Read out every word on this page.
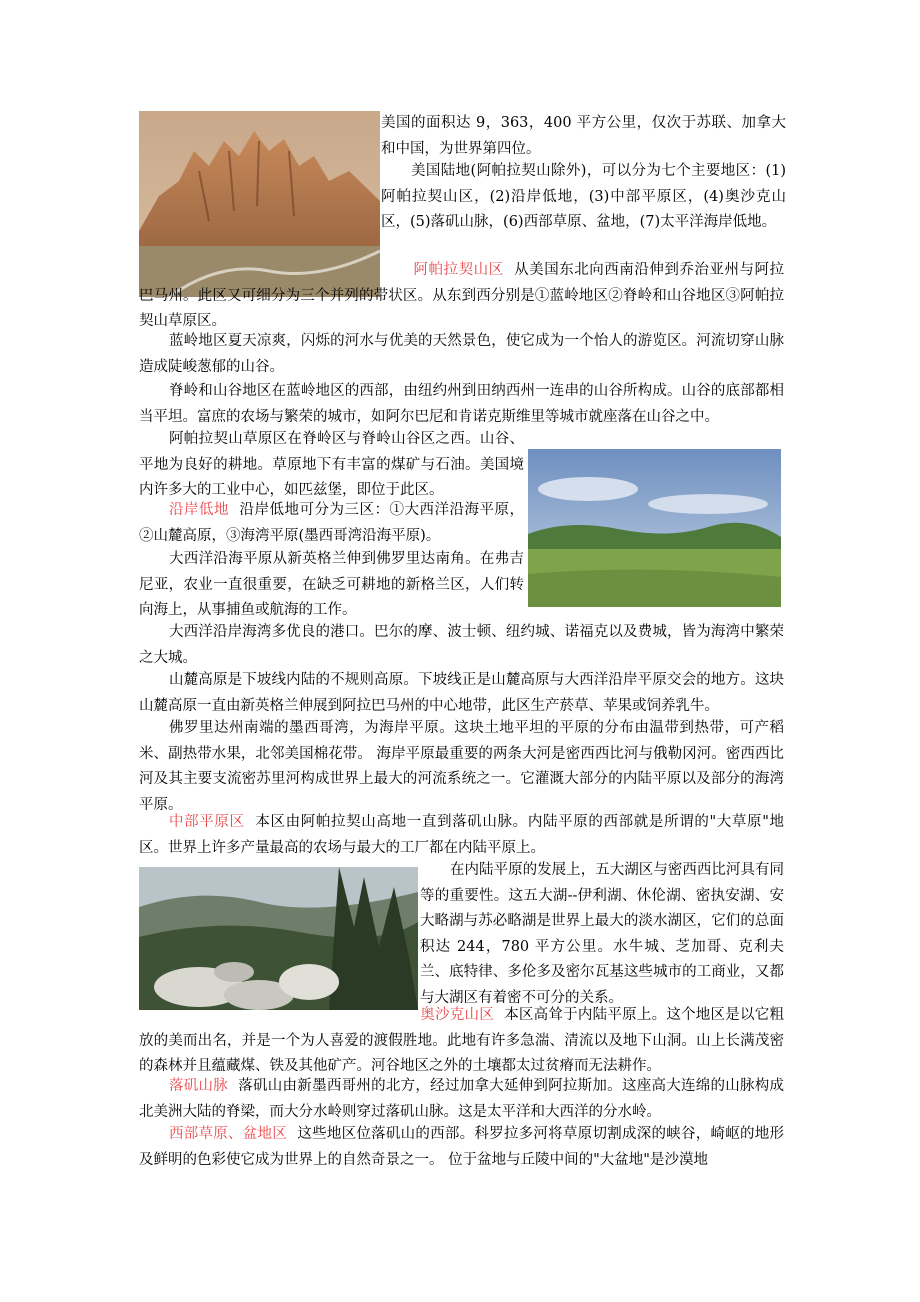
美国的面积达 9，363，400 平方公里，仅次于苏联、加拿大和中国，为世界第四位。

美国陆地(阿帕拉契山除外)，可以分为七个主要地区：(1)阿帕拉契山区，(2)沿岸低地，(3)中部平原区，(4)奥沙克山区，(5)落矶山脉，(6)西部草原、盆地，(7)太平洋海岸低地。

阿帕拉契山区 从美国东北向西南沿伸到乔治亚州与阿拉巴马州。此区又可细分为三个并列的带状区。从东到西分别是①蓝岭地区②脊岭和山谷地区③阿帕拉契山草原区。

蓝岭地区夏天凉爽，闪烁的河水与优美的天然景色，使它成为一个怡人的游览区。河流切穿山脉造成陡峻葱郁的山谷。

脊岭和山谷地区在蓝岭地区的西部，由纽约州到田纳西州一连串的山谷所构成。山谷的底部都相当平坦。富庶的农场与繁荣的城市，如阿尔巴尼和肯诺克斯维里等城市就座落在山谷之中。

阿帕拉契山草原区在脊岭区与脊岭山谷区之西。山谷、平地为良好的耕地。草原地下有丰富的煤矿与石油。美国境内许多大的工业中心，如匹兹堡，即位于此区。

沿岸低地 沿岸低地可分为三区：①大西洋沿海平原，②山麓高原，③海湾平原(墨西哥湾沿海平原)。

大西洋沿海平原从新英格兰伸到佛罗里达南角。在弗吉尼亚，农业一直很重要，在缺乏可耕地的新格兰区，人们转向海上，从事捕鱼或航海的工作。

大西洋沿岸海湾多优良的港口。巴尔的摩、波士顿、纽约城、诺福克以及费城，皆为海湾中繁荣之大城。

山麓高原是下坡线内陆的不规则高原。下坡线正是山麓高原与大西洋沿岸平原交会的地方。这块山麓高原一直由新英格兰伸展到阿拉巴马州的中心地带，此区生产菸草、苹果或饲养乳牛。

佛罗里达州南端的墨西哥湾，为海岸平原。这块土地平坦的平原的分布由温带到热带，可产稻米、副热带水果，北邻美国棉花带。 海岸平原最重要的两条大河是密西西比河与俄勒冈河。密西西比河及其主要支流密苏里河构成世界上最大的河流系统之一。它灌溉大部分的内陆平原以及部分的海湾平原。

中部平原区 本区由阿帕拉契山高地一直到落矶山脉。内陆平原的西部就是所谓的"大草原"地区。世界上许多产量最高的农场与最大的工厂都在内陆平原上。

在内陆平原的发展上，五大湖区与密西西比河具有同等的重要性。这五大湖--伊利湖、休伦湖、密执安湖、安大略湖与苏必略湖是世界上最大的淡水湖区，它们的总面积达 244，780 平方公里。水牛城、芝加哥、克利夫兰、底特律、多伦多及密尔瓦基这些城市的工商业，又都与大湖区有着密不可分的关系。

奥沙克山区 本区高耸于内陆平原上。这个地区是以它粗放的美而出名，并是一个为人喜爱的渡假胜地。此地有许多急湍、清流以及地下山洞。山上长满茂密的森林并且蕴藏煤、铁及其他矿产。河谷地区之外的土壤都太过贫瘠而无法耕作。

落矶山脉 落矶山由新墨西哥州的北方，经过加拿大延伸到阿拉斯加。这座高大连绵的山脉构成北美洲大陆的脊梁，而大分水岭则穿过落矶山脉。这是太平洋和大西洋的分水岭。

西部草原、盆地区 这些地区位落矶山的西部。科罗拉多河将草原切割成深的峡谷，崎岖的地形及鲜明的色彩使它成为世界上的自然奇景之一。 位于盆地与丘陵中间的"大盆地"是沙漠地
